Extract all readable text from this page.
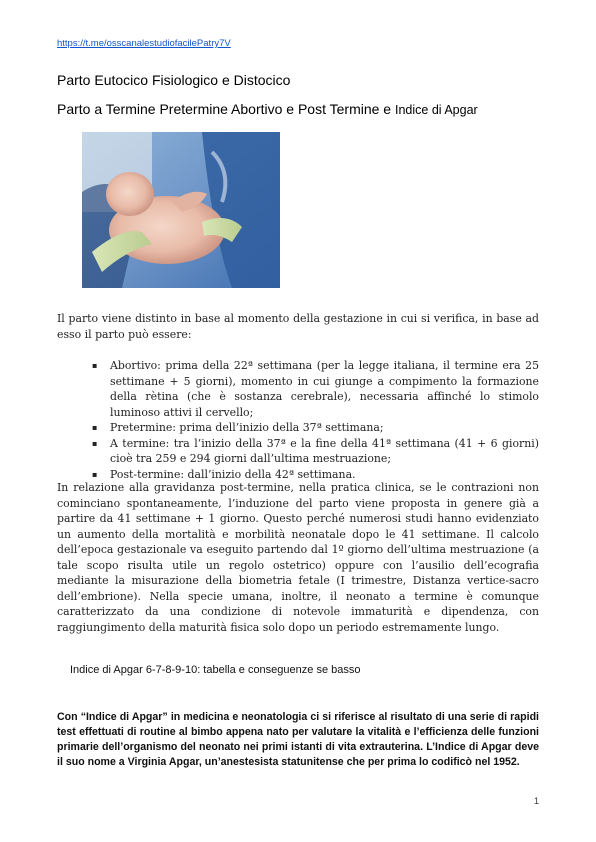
https://t.me/osscanalestudiofacilePatry7V
Parto Eutocico Fisiologico e Distocico
Parto a Termine Pretermine Abortivo e Post Termine e Indice di Apgar

Il parto viene distinto in base al momento della gestazione in cui si verifica, in base ad esso il parto può essere:

▪ Abortivo: prima della 22ª settimana (per la legge italiana, il termine era 25 settimane + 5 giorni), momento in cui giunge a compimento la formazione della rètina (che è sostanza cerebrale), necessaria affinché lo stimolo luminoso attivi il cervello;
▪ Pretermine: prima dell’inizio della 37ª settimana;
▪ A termine: tra l’inizio della 37ª e la fine della 41ª settimana (41 + 6 giorni) cioè tra 259 e 294 giorni dall’ultima mestruazione;
▪ Post-termine: dall’inizio della 42ª settimana.

In relazione alla gravidanza post-termine, nella pratica clinica, se le contrazioni non cominciano spontaneamente, l’induzione del parto viene proposta in genere già a partire da 41 settimane + 1 giorno. Questo perché numerosi studi hanno evidenziato un aumento della mortalità e morbilità neonatale dopo le 41 settimane. Il calcolo dell’epoca gestazionale va eseguito partendo dal 1º giorno dell’ultima mestruazione (a tale scopo risulta utile un regolo ostetrico) oppure con l’ausilio dell’ecografia mediante la misurazione della biometria fetale (I trimestre, Distanza vertice-sacro dell’embrione). Nella specie umana, inoltre, il neonato a termine è comunque caratterizzato da una condizione di notevole immaturità e dipendenza, con raggiungimento della maturità fisica solo dopo un periodo estremamente lungo.

Indice di Apgar 6-7-8-9-10: tabella e conseguenze se basso

Con “Indice di Apgar” in medicina e neonatologia ci si riferisce al risultato di una serie di rapidi test effettuati di routine al bimbo appena nato per valutare la vitalità e l’efficienza delle funzioni primarie dell’organismo del neonato nei primi istanti di vita extrauterina. L’Indice di Apgar deve il suo nome a Virginia Apgar, un’anestesista statunitense che per prima lo codificò nel 1952.

1
